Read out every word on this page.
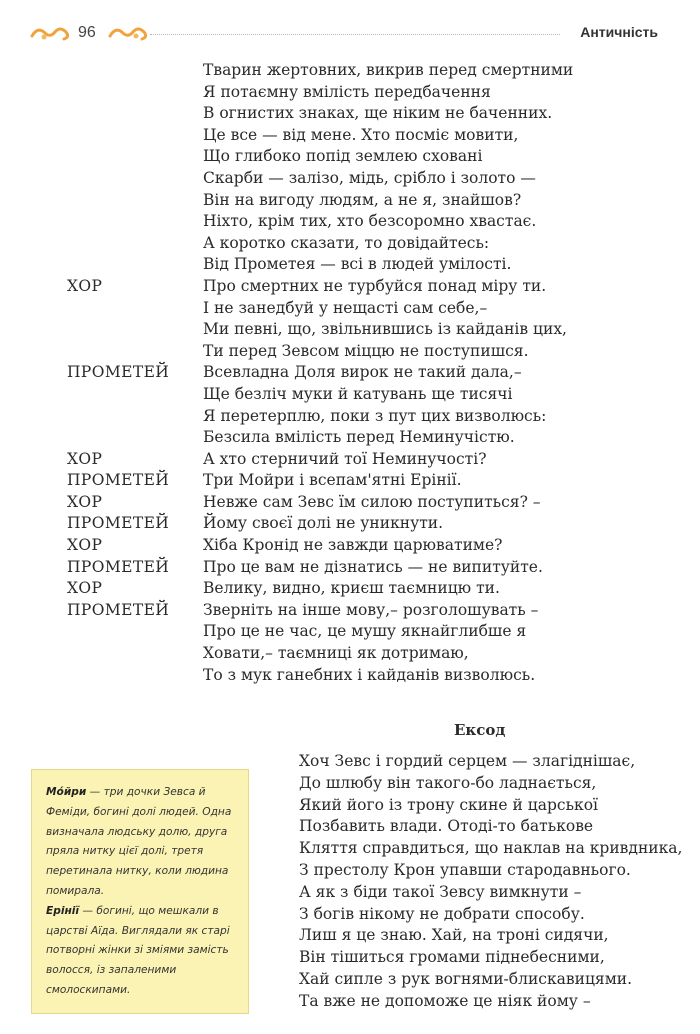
96	Античність
Тварин жертовних, викрив перед смертними
Я потаємну вмілість передбачення
В огнистих знаках, ще ніким не баченних.
Це все — від мене. Хто посміє мовити,
Що глибоко попід землею сховані
Скарби — залізо, мідь, срібло і золото —
Він на вигоду людям, а не я, знайшов?
Ніхто, крім тих, хто безсоромно хвастає.
А коротко сказати, то довідайтесь:
Від Прометея — всі в людей умілості.
ХОР	Про смертних не турбуйся понад міру ти.
І не занедбуй у нещасті сам себе,–
Ми певні, що, звільнившись із кайданів цих,
Ти перед Зевсом міццю не поступишся.
ПРОМЕТЕЙ Всевладна Доля вирок не такий дала,–
Ще безліч муки й катувань ще тисячі
Я перетерплю, поки з пут цих визволюсь:
Безсила вмілість перед Неминучістю.
ХОР	А хто стерничий тої Неминучості?
ПРОМЕТЕЙ Три Мойри і всепам'ятні Ерінії.
ХОР	Невже сам Зевс їм силою поступиться? –
ПРОМЕТЕЙ Йому своєї долі не уникнути.
ХОР	Хіба Кронід не завжди царюватиме?
ПРОМЕТЕЙ Про це вам не дізнатись — не випитуйте.
ХОР	Велику, видно, криєш таємницю ти.
ПРОМЕТЕЙ Зверніть на інше мову,– розголошувать –
Про це не час, це мушу якнайглибше я
Ховати,– таємниці як дотримаю,
То з мук ганебних і кайданів визволюсь.
Ексод
Хоч Зевс і гордий серцем — злагіднішає,
До шлюбу він такого-бо ладнається,
Який його із трону скине й царської
Позбавить влади. Отоді-то батькове
Кляття справдиться, що наклав на кривдника,
З престолу Крон упавши стародавнього.
А як з біди такої Зевсу вимкнути –
З богів нікому не добрати способу.
Лиш я це знаю. Хай, на троні сидячи,
Він тішиться громами піднебесними,
Хай сипле з рук вогнями-блискавицями.
Та вже не допоможе це ніяк йому –
Мо́йри — три дочки Зевса й Феміди, богині долі людей. Одна визначала людську долю, друга пряла нитку цієї долі, третя перетинала нитку, коли людина помирала.
Ерінії — богині, що мешкали в царстві Аїда. Виглядали як старі потворні жінки зі зміями замість волосся, із запаленими смолоскипами.
